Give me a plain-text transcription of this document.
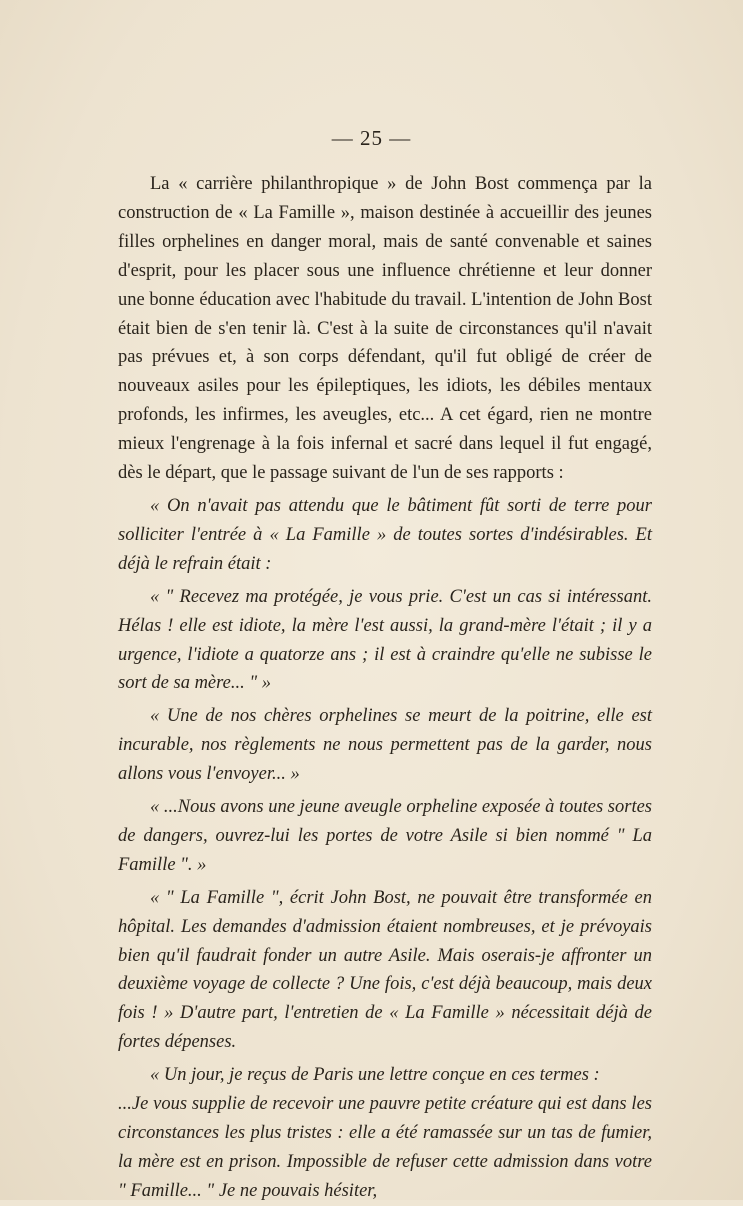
— 25 —

La « carrière philanthropique » de John Bost commença par la construction de « La Famille », maison destinée à accueillir des jeunes filles orphelines en danger moral, mais de santé convenable et saines d'esprit, pour les placer sous une influence chrétienne et leur donner une bonne éducation avec l'habitude du travail. L'intention de John Bost était bien de s'en tenir là. C'est à la suite de circonstances qu'il n'avait pas prévues et, à son corps défendant, qu'il fut obligé de créer de nouveaux asiles pour les épileptiques, les idiots, les débiles mentaux profonds, les infirmes, les aveugles, etc... A cet égard, rien ne montre mieux l'engrenage à la fois infernal et sacré dans lequel il fut engagé, dès le départ, que le passage suivant de l'un de ses rapports :

« On n'avait pas attendu que le bâtiment fût sorti de terre pour solliciter l'entrée à « La Famille » de toutes sortes d'indésirables. Et déjà le refrain était :

« " Recevez ma protégée, je vous prie. C'est un cas si intéressant. Hélas ! elle est idiote, la mère l'est aussi, la grand-mère l'était ; il y a urgence, l'idiote a quatorze ans ; il est à craindre qu'elle ne subisse le sort de sa mère... " »

« Une de nos chères orphelines se meurt de la poitrine, elle est incurable, nos règlements ne nous permettent pas de la garder, nous allons vous l'envoyer... »

« ...Nous avons une jeune aveugle orpheline exposée à toutes sortes de dangers, ouvrez-lui les portes de votre Asile si bien nommé " La Famille ". »

« " La Famille ", écrit John Bost, ne pouvait être transformée en hôpital. Les demandes d'admission étaient nombreuses, et je prévoyais bien qu'il faudrait fonder un autre Asile. Mais oserais-je affronter un deuxième voyage de collecte ? Une fois, c'est déjà beaucoup, mais deux fois ! » D'autre part, l'entretien de « La Famille » nécessitait déjà de fortes dépenses.

« Un jour, je reçus de Paris une lettre conçue en ces termes :

...Je vous supplie de recevoir une pauvre petite créature qui est dans les circonstances les plus tristes : elle a été ramassée sur un tas de fumier, la mère est en prison. Impossible de refuser cette admission dans votre " Famille... " Je ne pouvais hésiter,
